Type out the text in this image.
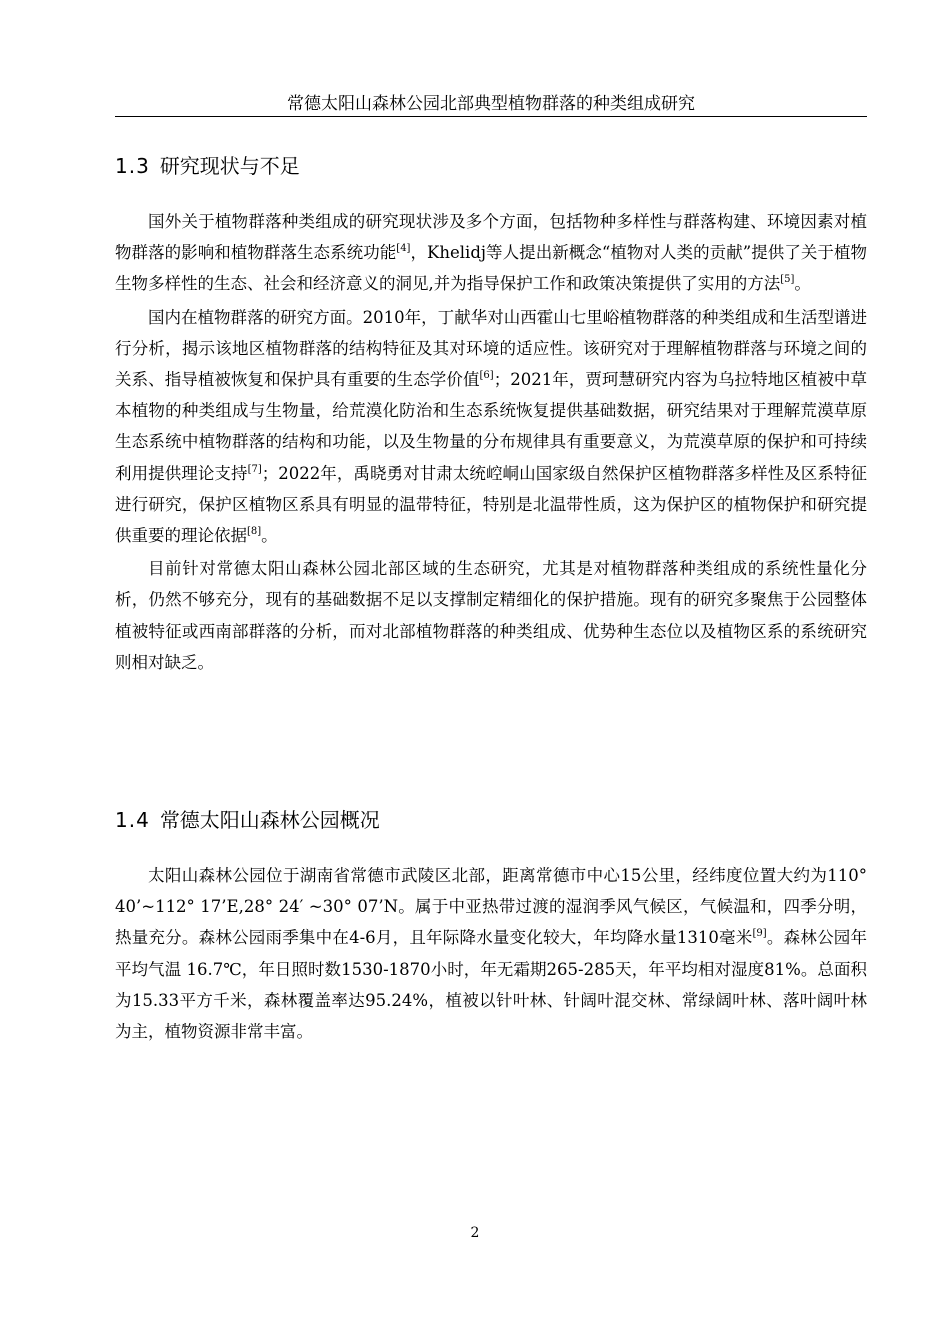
常德太阳山森林公园北部典型植物群落的种类组成研究
1.3 研究现状与不足

国外关于植物群落种类组成的研究现状涉及多个方面，包括物种多样性与群落构建、环境因素对植物群落的影响和植物群落生态系统功能[4]，Khelidj等人提出新概念“植物对人类的贡献”提供了关于植物生物多样性的生态、社会和经济意义的洞见,并为指导保护工作和政策决策提供了实用的方法[5]。

国内在植物群落的研究方面。2010年，丁献华对山西霍山七里峪植物群落的种类组成和生活型谱进行分析，揭示该地区植物群落的结构特征及其对环境的适应性。该研究对于理解植物群落与环境之间的关系、指导植被恢复和保护具有重要的生态学价值[6]；2021年，贾珂慧研究内容为乌拉特地区植被中草本植物的种类组成与生物量，给荒漠化防治和生态系统恢复提供基础数据，研究结果对于理解荒漠草原生态系统中植物群落的结构和功能，以及生物量的分布规律具有重要意义，为荒漠草原的保护和可持续利用提供理论支持[7]；2022年，禹晓勇对甘肃太统崆峒山国家级自然保护区植物群落多样性及区系特征进行研究，保护区植物区系具有明显的温带特征，特别是北温带性质，这为保护区的植物保护和研究提供重要的理论依据[8]。

目前针对常德太阳山森林公园北部区域的生态研究，尤其是对植物群落种类组成的系统性量化分析，仍然不够充分，现有的基础数据不足以支撑制定精细化的保护措施。现有的研究多聚焦于公园整体植被特征或西南部群落的分析，而对北部植物群落的种类组成、优势种生态位以及植物区系的系统研究则相对缺乏。

1.4 常德太阳山森林公园概况

太阳山森林公园位于湖南省常德市武陵区北部，距离常德市中心15公里，经纬度位置大约为110° 40’~112° 17’E,28° 24′ ~30° 07’N。属于中亚热带过渡的湿润季风气候区，气候温和，四季分明，热量充分。森林公园雨季集中在4-6月，且年际降水量变化较大，年均降水量1310毫米[9]。森林公园年平均气温 16.7℃，年日照时数1530-1870小时，年无霜期265-285天，年平均相对湿度81%。总面积为15.33平方千米，森林覆盖率达95.24%，植被以针叶林、针阔叶混交林、常绿阔叶林、落叶阔叶林为主，植物资源非常丰富。

2
